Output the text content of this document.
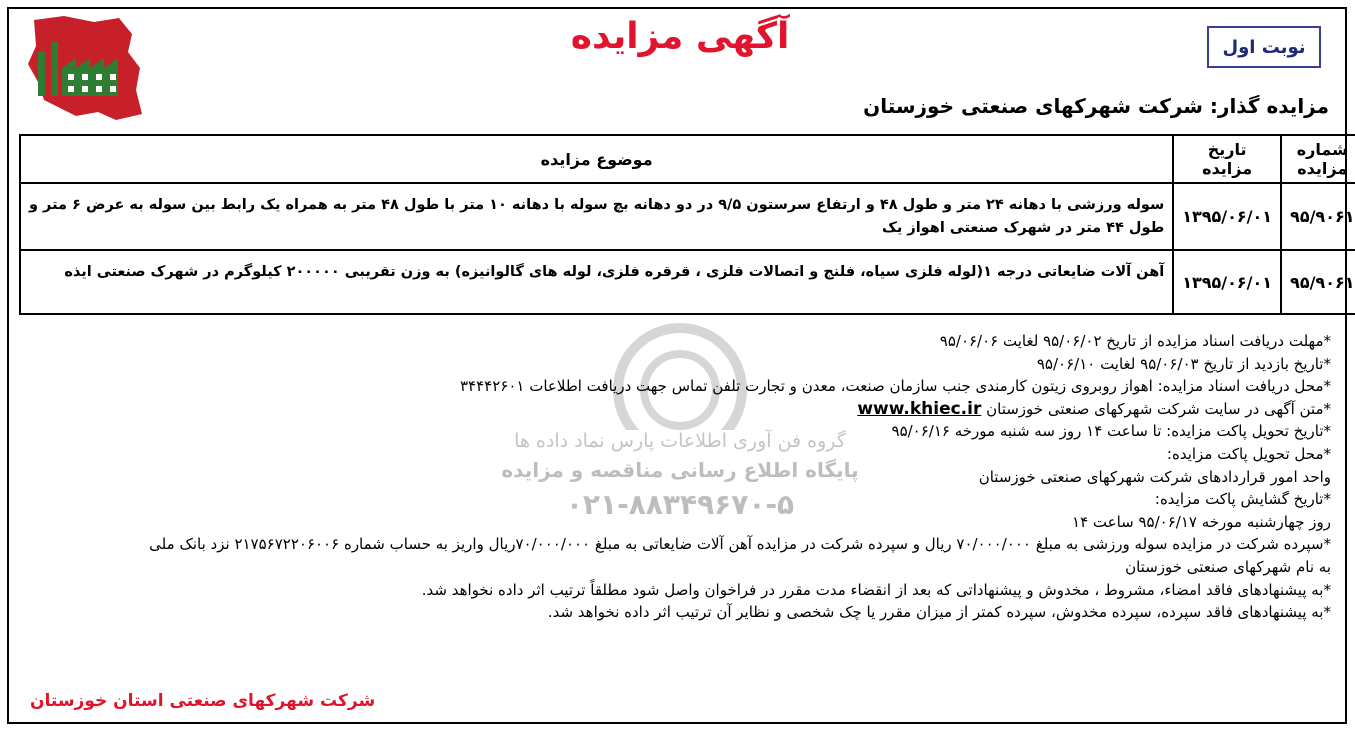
گروه فن آوری اطلاعات پارس نماد داده ها
پایگاه اطلاع رسانی مناقصه و مزایده
۰۲۱-۸۸۳۴۹۶۷۰-۵
نوبت اول
آگهی مزایده
مزایده گذار: شرکت شهرکهای صنعتی خوزستان
شماره مزایده	تاریخ مزایده	موضوع مزایده
۹۵/۹۰۶۱	۱۳۹۵/۰۶/۰۱	سوله ورزشی با دهانه ۲۴ متر و طول ۴۸ و ارتفاع سرستون ۹/۵ در دو دهانه بچ سوله با دهانه ۱۰ متر با طول ۴۸ متر به همراه یک رابط بین سوله به عرض ۶ متر و
طول ۴۴ متر در شهرک صنعتی اهواز یک

۹۵/۹۰۶۱	۱۳۹۵/۰۶/۰۱	آهن آلات ضایعاتی درجه ۱(لوله فلزی سیاه، فلنج و اتصالات فلزی ، قرقره فلزی، لوله های گالوانیزه) به وزن تقریبی ۲۰۰۰۰۰ کیلوگرم در شهرک صنعتی ایذه
*مهلت دریافت اسناد مزایده از تاریخ ۹۵/۰۶/۰۲ لغایت ۹۵/۰۶/۰۶
*تاریخ بازدید از تاریخ ۹۵/۰۶/۰۳ لغایت ۹۵/۰۶/۱۰
*محل دریافت اسناد مزایده: اهواز روبروی زیتون کارمندی جنب سازمان صنعت، معدن و تجارت تلفن تماس جهت دریافت اطلاعات ۳۴۴۴۲۶۰۱
*متن آگهی در سایت شرکت شهرکهای صنعتی خوزستان www.khiec.ir
*تاریخ تحویل پاکت مزایده: تا ساعت ۱۴ روز سه شنبه مورخه ۹۵/۰۶/۱۶
*محل تحویل پاکت مزایده:
واحد امور قراردادهای شرکت شهرکهای صنعتی خوزستان
*تاریخ گشایش پاکت مزایده:
روز چهارشنبه مورخه ۹۵/۰۶/۱۷ ساعت ۱۴
*سپرده شرکت در مزایده سوله ورزشی به مبلغ ۷۰/۰۰۰/۰۰۰ ریال و سپرده شرکت در مزایده آهن آلات ضایعاتی به مبلغ ۷۰/۰۰۰/۰۰۰ریال واریز به حساب شماره ۲۱۷۵۶۷۲۲۰۶۰۰۶ نزد بانک ملی
به نام شهرکهای صنعتی خوزستان
*به پیشنهادهای فاقد امضاء، مشروط ، مخدوش و پیشنهاداتی که بعد از انقضاء مدت مقرر در فراخوان واصل شود مطلقاً ترتیب اثر داده نخواهد شد.
*به پیشنهادهای فاقد سپرده، سپرده مخدوش، سپرده کمتر از میزان مقرر یا چک شخصی و نظایر آن ترتیب اثر داده نخواهد شد.
شرکت شهرکهای صنعتی استان خوزستان
